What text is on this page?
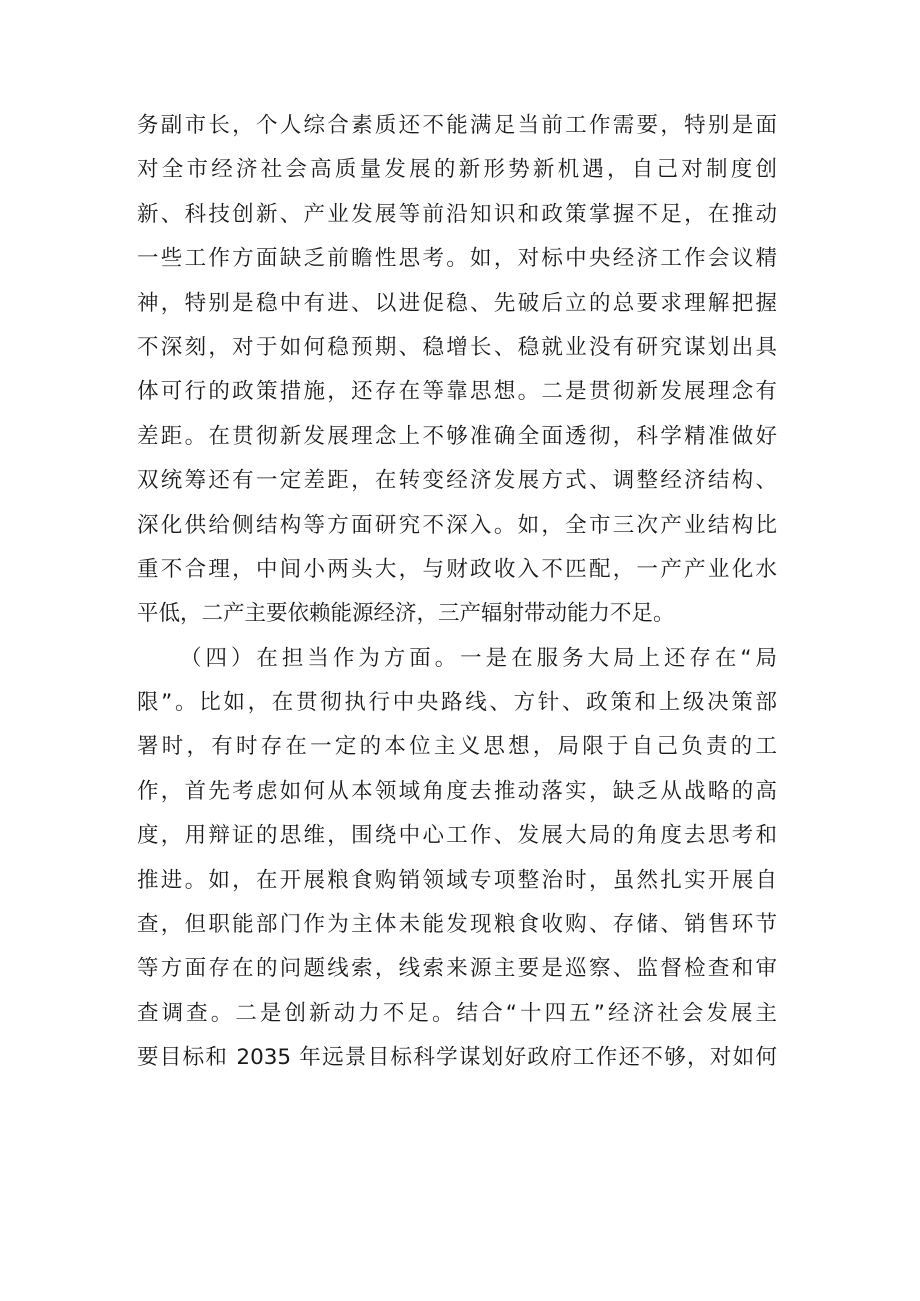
务副市长，个人综合素质还不能满足当前工作需要，特别是面
对全市经济社会高质量发展的新形势新机遇，自己对制度创
新、科技创新、产业发展等前沿知识和政策掌握不足，在推动
一些工作方面缺乏前瞻性思考。如，对标中央经济工作会议精
神，特别是稳中有进、以进促稳、先破后立的总要求理解把握
不深刻，对于如何稳预期、稳增长、稳就业没有研究谋划出具
体可行的政策措施，还存在等靠思想。二是贯彻新发展理念有
差距。在贯彻新发展理念上不够准确全面透彻，科学精准做好
双统筹还有一定差距，在转变经济发展方式、调整经济结构、
深化供给侧结构等方面研究不深入。如，全市三次产业结构比
重不合理，中间小两头大，与财政收入不匹配，一产产业化水
平低，二产主要依赖能源经济，三产辐射带动能力不足。
（四）在担当作为方面。一是在服务大局上还存在“局
限”。比如，在贯彻执行中央路线、方针、政策和上级决策部
署时，有时存在一定的本位主义思想，局限于自己负责的工
作，首先考虑如何从本领域角度去推动落实，缺乏从战略的高
度，用辩证的思维，围绕中心工作、发展大局的角度去思考和
推进。如，在开展粮食购销领域专项整治时，虽然扎实开展自
查，但职能部门作为主体未能发现粮食收购、存储、销售环节
等方面存在的问题线索，线索来源主要是巡察、监督检查和审
查调查。二是创新动力不足。结合“十四五”经济社会发展主
要目标和 2035 年远景目标科学谋划好政府工作还不够，对如何
